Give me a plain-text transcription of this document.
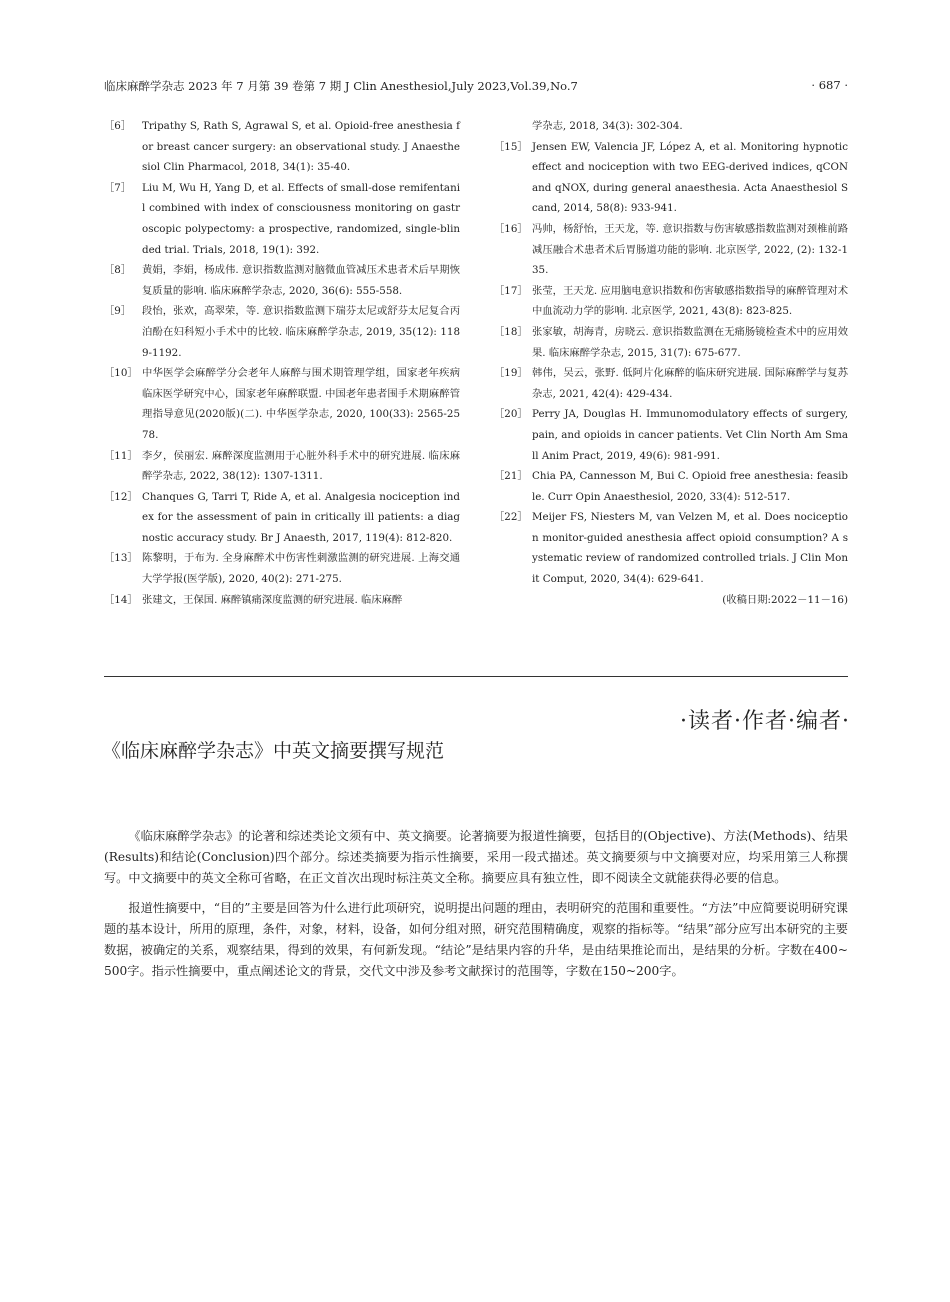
临床麻醉学杂志 2023 年 7 月第 39 卷第 7 期 J Clin Anesthesiol,July 2023,Vol.39,No.7	· 687 ·
［6］	Tripathy S, Rath S, Agrawal S, et al. Opioid-free anesthesia for breast cancer surgery: an observational study. J Anaesthesiol Clin Pharmacol, 2018, 34(1): 35-40.
［7］	Liu M, Wu H, Yang D, et al. Effects of small-dose remifentanil combined with index of consciousness monitoring on gastroscopic polypectomy: a prospective, randomized, single-blinded trial. Trials, 2018, 19(1): 392.
［8］	黄娟，李娟，杨成伟. 意识指数监测对脑微血管减压术患者术后早期恢复质量的影响. 临床麻醉学杂志, 2020, 36(6): 555-558.
［9］	段怡，张欢，高翠荣，等. 意识指数监测下瑞芬太尼或舒芬太尼复合丙泊酚在妇科短小手术中的比较. 临床麻醉学杂志, 2019, 35(12): 1189-1192.
［10］ 中华医学会麻醉学分会老年人麻醉与围术期管理学组，国家老年疾病临床医学研究中心，国家老年麻醉联盟. 中国老年患者围手术期麻醉管理指导意见(2020版)(二). 中华医学杂志, 2020, 100(33): 2565-2578.
［11］ 李夕，侯丽宏. 麻醉深度监测用于心脏外科手术中的研究进展. 临床麻醉学杂志, 2022, 38(12): 1307-1311.
［12］ Chanques G, Tarri T, Ride A, et al. Analgesia nociception index for the assessment of pain in critically ill patients: a diagnostic accuracy study. Br J Anaesth, 2017, 119(4): 812-820.
［13］ 陈黎明，于布为. 全身麻醉术中伤害性刺激监测的研究进展. 上海交通大学学报(医学版), 2020, 40(2): 271-275.
［14］ 张建文，王保国. 麻醉镇痛深度监测的研究进展. 临床麻醉
学杂志, 2018, 34(3): 302-304.
［15］ Jensen EW, Valencia JF, López A, et al. Monitoring hypnotic effect and nociception with two EEG-derived indices, qCON and qNOX, during general anaesthesia. Acta Anaesthesiol Scand, 2014, 58(8): 933-941.
［16］ 冯帅，杨舒怡，王天龙，等. 意识指数与伤害敏感指数监测对颈椎前路减压融合术患者术后胃肠道功能的影响. 北京医学, 2022, (2): 132-135.
［17］ 张莹，王天龙. 应用脑电意识指数和伤害敏感指数指导的麻醉管理对术中血流动力学的影响. 北京医学, 2021, 43(8): 823-825.
［18］ 张家敏，胡海青，房晓云. 意识指数监测在无痛肠镜检查术中的应用效果. 临床麻醉学杂志, 2015, 31(7): 675-677.
［19］ 韩伟，吴云，张野. 低阿片化麻醉的临床研究进展. 国际麻醉学与复苏杂志, 2021, 42(4): 429-434.
［20］ Perry JA, Douglas H. Immunomodulatory effects of surgery, pain, and opioids in cancer patients. Vet Clin North Am Small Anim Pract, 2019, 49(6): 981-991.
［21］ Chia PA, Cannesson M, Bui C. Opioid free anesthesia: feasible. Curr Opin Anaesthesiol, 2020, 33(4): 512-517.
［22］ Meijer FS, Niesters M, van Velzen M, et al. Does nociception monitor-guided anesthesia affect opioid consumption? A systematic review of randomized controlled trials. J Clin Monit Comput, 2020, 34(4): 629-641.
(收稿日期:2022－11－16)
·读者·作者·编者·
《临床麻醉学杂志》中英文摘要撰写规范

《临床麻醉学杂志》的论著和综述类论文须有中、英文摘要。论著摘要为报道性摘要，包括目的(Objective)、方法(Methods)、结果(Results)和结论(Conclusion)四个部分。综述类摘要为指示性摘要，采用一段式描述。英文摘要须与中文摘要对应，均采用第三人称撰写。中文摘要中的英文全称可省略，在正文首次出现时标注英文全称。摘要应具有独立性，即不阅读全文就能获得必要的信息。

报道性摘要中，“目的”主要是回答为什么进行此项研究，说明提出问题的理由，表明研究的范围和重要性。“方法”中应简要说明研究课题的基本设计，所用的原理，条件，对象，材料，设备，如何分组对照，研究范围精确度，观察的指标等。“结果”部分应写出本研究的主要数据，被确定的关系，观察结果，得到的效果，有何新发现。“结论”是结果内容的升华，是由结果推论而出，是结果的分析。字数在400~500字。指示性摘要中，重点阐述论文的背景，交代文中涉及参考文献探讨的范围等，字数在150~200字。
